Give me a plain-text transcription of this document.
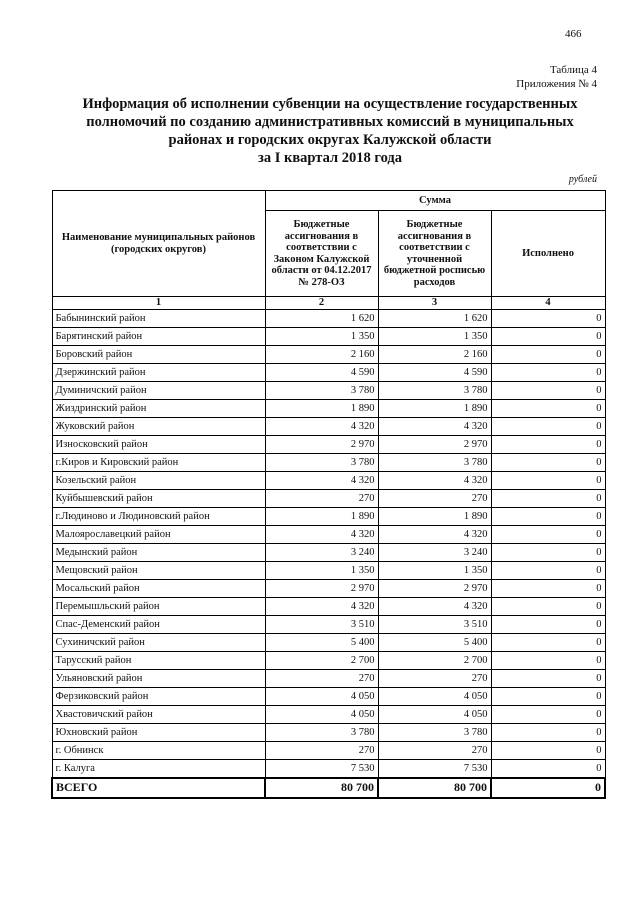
466
Таблица 4
Приложения № 4
Информация об исполнении субвенции на осуществление государственных
полномочий по созданию административных комиссий в муниципальных
районах и городских округах Калужской области
за I квартал 2018 года
рублей
Наименование муниципальных районов (городских округов)	Сумма		
	Бюджетные ассигнования в соответствии с Законом Калужской области от 04.12.2017 № 278-ОЗ	Бюджетные ассигнования в соответствии с уточненной бюджетной росписью расходов	Исполнено
1	2	3	4
Бабынинский район	1 620	1 620	0
Барятинский район	1 350	1 350	0
Боровский район	2 160	2 160	0
Дзержинский район	4 590	4 590	0
Думиничский район	3 780	3 780	0
Жиздринский район	1 890	1 890	0
Жуковский район	4 320	4 320	0
Износковский район	2 970	2 970	0
г.Киров и Кировский район	3 780	3 780	0
Козельский район	4 320	4 320	0
Куйбышевский район	270	270	0
г.Людиново и Людиновский район	1 890	1 890	0
Малоярославецкий район	4 320	4 320	0
Медынский район	3 240	3 240	0
Мещовский район	1 350	1 350	0
Мосальский район	2 970	2 970	0
Перемышльский район	4 320	4 320	0
Спас-Деменский район	3 510	3 510	0
Сухиничский район	5 400	5 400	0
Тарусский район	2 700	2 700	0
Ульяновский район	270	270	0
Ферзиковский район	4 050	4 050	0
Хвастовичский район	4 050	4 050	0
Юхновский район	3 780	3 780	0
г. Обнинск	270	270	0
г. Калуга	7 530	7 530	0
ВСЕГО	80 700	80 700	0
